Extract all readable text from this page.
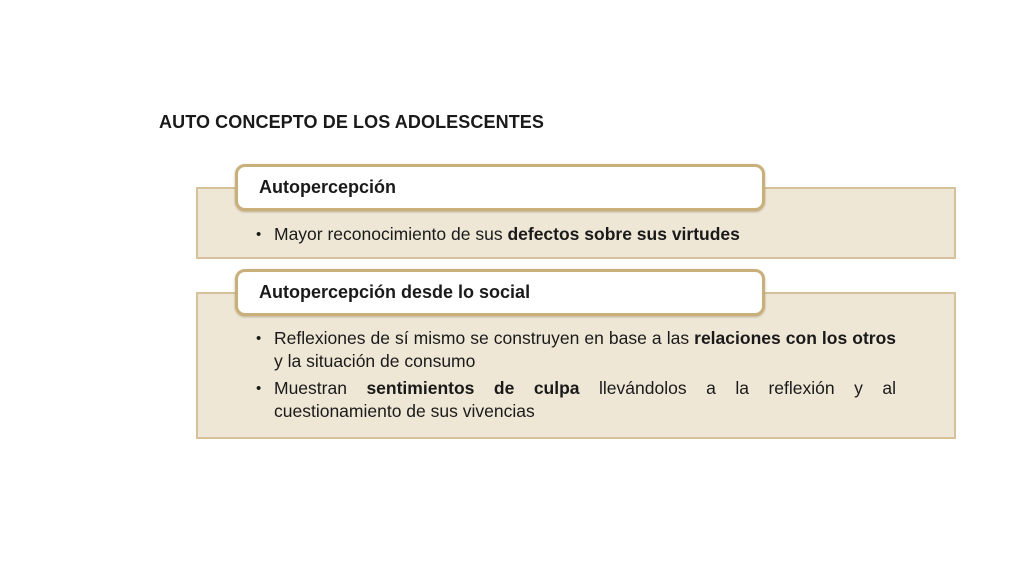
AUTO CONCEPTO DE LOS ADOLESCENTES
Autopercepción
• Mayor reconocimiento de sus defectos sobre sus virtudes
Autopercepción desde lo social
• Reflexiones de sí mismo se construyen en base a las relaciones con los otros y la situación de consumo
• Muestran sentimientos de culpa llevándolos a la reflexión y al cuestionamiento de sus vivencias
